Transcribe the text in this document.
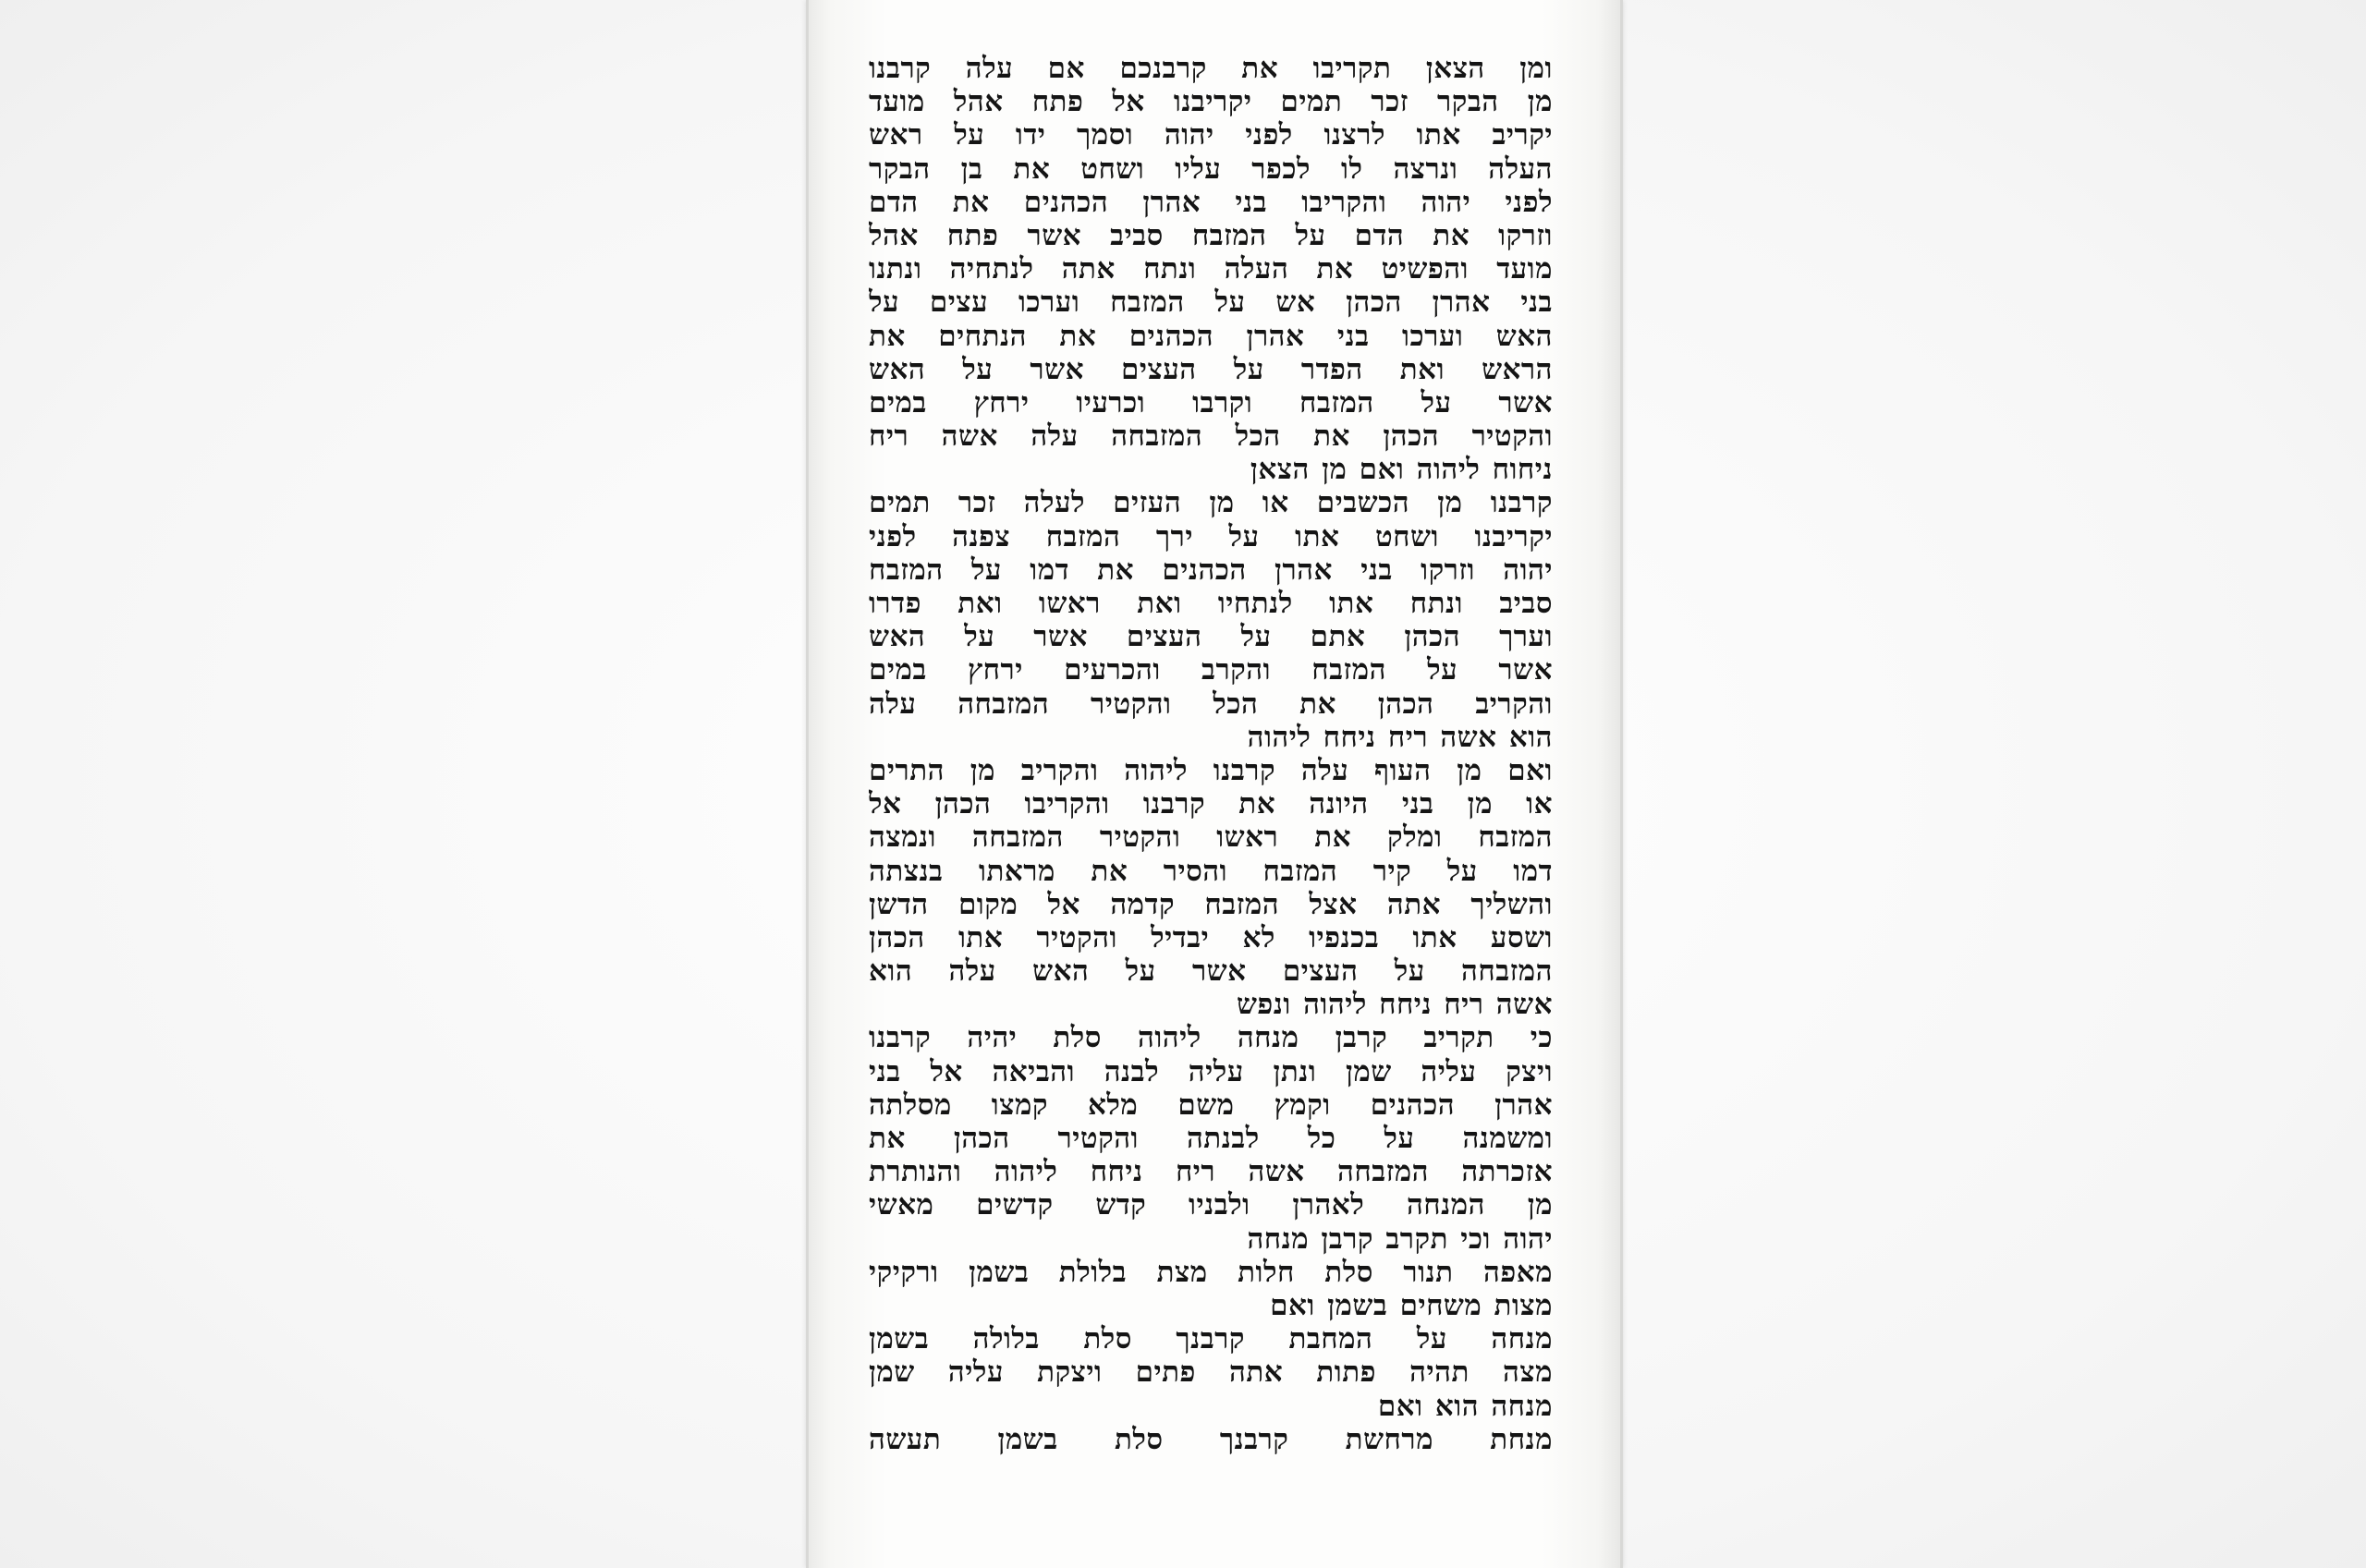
ומן הצאן תקריבו את קרבנכם אם עלה קרבנו
מן הבקר זכר תמים יקריבנו אל פתח אהל מועד
יקריב אתו לרצנו לפני יהוה וסמך ידו על ראש
העלה ונרצה לו לכפר עליו ושחט את בן הבקר
לפני יהוה והקריבו בני אהרן הכהנים את הדם
וזרקו את הדם על המזבח סביב אשר פתח אהל
מועד והפשיט את העלה ונתח אתה לנתחיה ונתנו
בני אהרן הכהן אש על המזבח וערכו עצים על
האש וערכו בני אהרן הכהנים את הנתחים את
הראש ואת הפדר על העצים אשר על האש
אשר על המזבח וקרבו וכרעיו ירחץ במים
והקטיר הכהן את הכל המזבחה עלה אשה ריח
ניחוח ליהוה ואם מן הצאן
קרבנו מן הכשבים או מן העזים לעלה זכר תמים
יקריבנו ושחט אתו על ירך המזבח צפנה לפני
יהוה וזרקו בני אהרן הכהנים את דמו על המזבח
סביב ונתח אתו לנתחיו ואת ראשו ואת פדרו
וערך הכהן אתם על העצים אשר על האש
אשר על המזבח והקרב והכרעים ירחץ במים
והקריב הכהן את הכל והקטיר המזבחה עלה
הוא אשה ריח ניחח ליהוה
ואם מן העוף עלה קרבנו ליהוה והקריב מן התרים
או מן בני היונה את קרבנו והקריבו הכהן אל
המזבח ומלק את ראשו והקטיר המזבחה ונמצה
דמו על קיר המזבח והסיר את מראתו בנצתה
והשליך אתה אצל המזבח קדמה אל מקום הדשן
ושסע אתו בכנפיו לא יבדיל והקטיר אתו הכהן
המזבחה על העצים אשר על האש עלה הוא
אשה ריח ניחח ליהוה ונפש
כי תקריב קרבן מנחה ליהוה סלת יהיה קרבנו
ויצק עליה שמן ונתן עליה לבנה והביאה אל בני
אהרן הכהנים וקמץ משם מלא קמצו מסלתה
ומשמנה על כל לבנתה והקטיר הכהן את
אזכרתה המזבחה אשה ריח ניחח ליהוה והנותרת
מן המנחה לאהרן ולבניו קדש קדשים מאשי
יהוה וכי תקרב קרבן מנחה
מאפה תנור סלת חלות מצת בלולת בשמן ורקיקי
מצות משחים בשמן ואם
מנחה על המחבת קרבנך סלת בלולה בשמן
מצה תהיה פתות אתה פתים ויצקת עליה שמן
מנחה הוא ואם
מנחת מרחשת קרבנך סלת בשמן תעשה
